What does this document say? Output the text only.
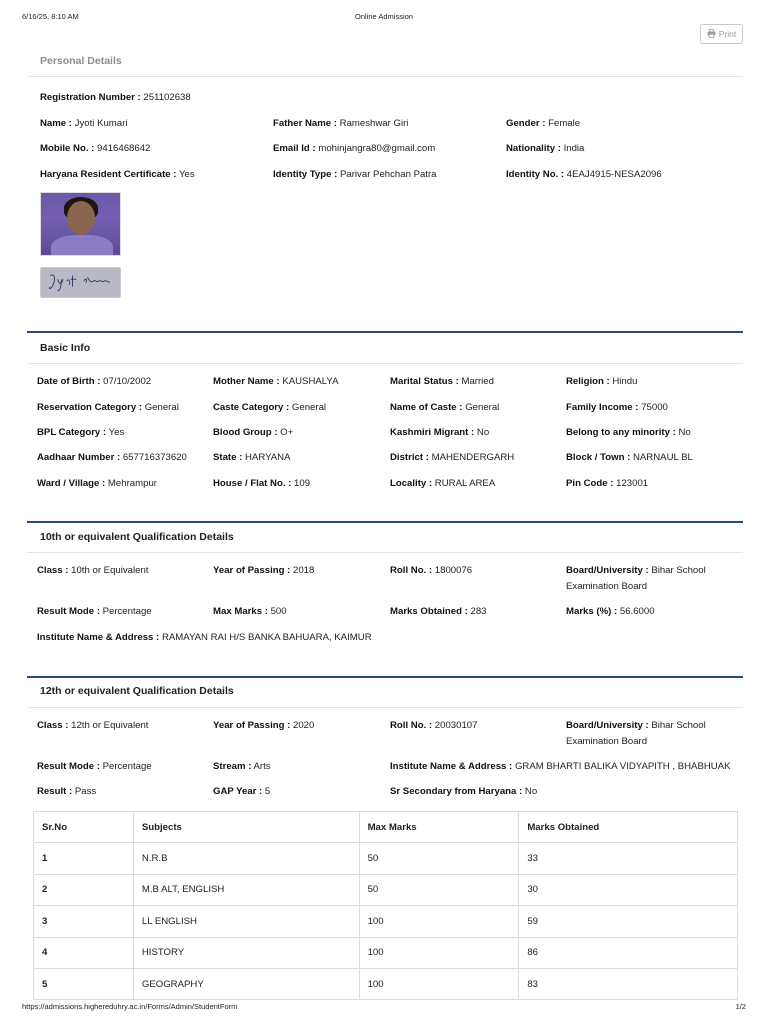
6/16/25, 8:10 AM	Online Admission
Print
Personal Details
Registration Number : 251102638
Name : Jyoti Kumari	Father Name : Rameshwar Giri	Gender : Female
Mobile No. : 9416468642	Email Id : mohinjangra80@gmail.com	Nationality : India
Haryana Resident Certificate : Yes	Identity Type : Parivar Pehchan Patra	Identity No. : 4EAJ4915-NESA2096
Basic Info
Date of Birth : 07/10/2002	Mother Name : KAUSHALYA	Marital Status : Married	Religion : Hindu
Reservation Category : General	Caste Category : General	Name of Caste : General	Family Income : 75000
BPL Category : Yes	Blood Group : O+	Kashmiri Migrant : No	Belong to any minority : No
Aadhaar Number : 657716373620	State : HARYANA	District : MAHENDERGARH	Block / Town : NARNAUL BL
Ward / Village : Mehrampur	House / Flat No. : 109	Locality : RURAL AREA	Pin Code : 123001
10th or equivalent Qualification Details
Class : 10th or Equivalent	Year of Passing : 2018	Roll No. : 1800076	Board/University : Bihar School Examination Board
Result Mode : Percentage	Max Marks : 500	Marks Obtained : 283	Marks (%) : 56.6000
Institute Name & Address : RAMAYAN RAI H/S BANKA BAHUARA, KAIMUR
12th or equivalent Qualification Details
Class : 12th or Equivalent	Year of Passing : 2020	Roll No. : 20030107	Board/University : Bihar School Examination Board
Result Mode : Percentage	Stream : Arts	Institute Name & Address : GRAM BHARTI BALIKA VIDYAPITH , BHABHUAK
Result : Pass	GAP Year : 5	Sr Secondary from Haryana : No
Sr.No	Subjects	Max Marks	Marks Obtained
1	N.R.B	50	33
2	M.B ALT, ENGLISH	50	30
3	LL ENGLISH	100	59
4	HISTORY	100	86
5	GEOGRAPHY	100	83
https://admissions.highereduhry.ac.in/Forms/Admin/StudentForm	1/2
